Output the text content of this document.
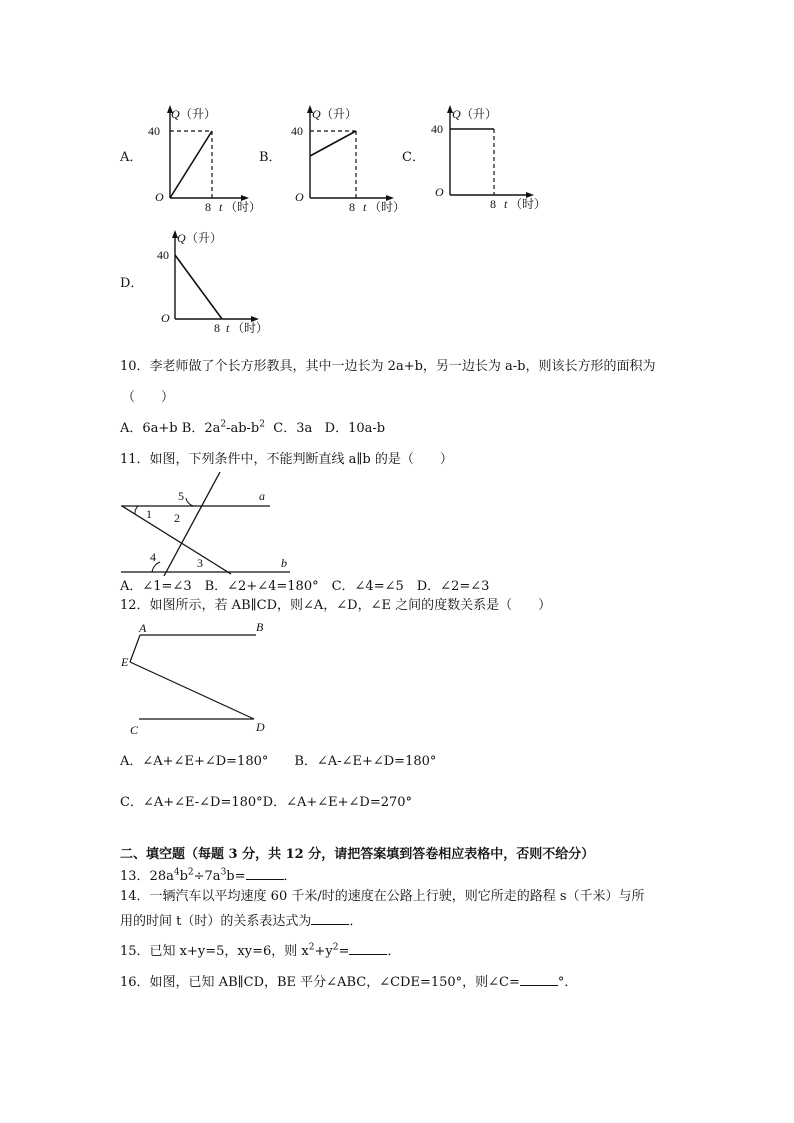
A．
40
O
Q （升）
8 t （时）
B．
40
O
Q （升）
8 t （时）
C．
40
O
Q （升）
8 t （时）
D．
40
O
Q （升）
8 t （时）
10．李老师做了个长方形教具，其中一边长为 2a+b，另一边长为 a-b，则该长方形的面积为
（　　）
A．6a+b B．$2a^2-ab-b^2$ C．3a D．10a-b
11．如图，下列条件中，不能判断直线 a∥b 的是（　　）
a
b
1 2
3
4
5
A．∠1=∠3　B．∠2+∠4=180°　C．∠4=∠5　D．∠2=∠3
12．如图所示，若 AB∥CD，则∠A，∠D，∠E 之间的度数关系是（　　）
A	B
E
C	D
A．∠A+∠E+∠D=180°　　B．∠A-∠E+∠D=180°
C．∠A+∠E-∠D=180°D．∠A+∠E+∠D=270°
二、填空题（每题 3 分，共 12 分，请把答案填到答卷相应表格中，否则不给分）
13．$28a^4b^2\div 7a^3b=$	．
14．一辆汽车以平均速度 60 千米/时的速度在公路上行驶，则它所走的路程 s（千米）与所
用的时间 t（时）的关系表达式为	．
15．已知 x+y=5，xy=6，则 $x^2+y^2=$	．
16．如图，已知 AB∥CD，BE 平分∠ABC，∠CDE=150°，则∠C=	°．
